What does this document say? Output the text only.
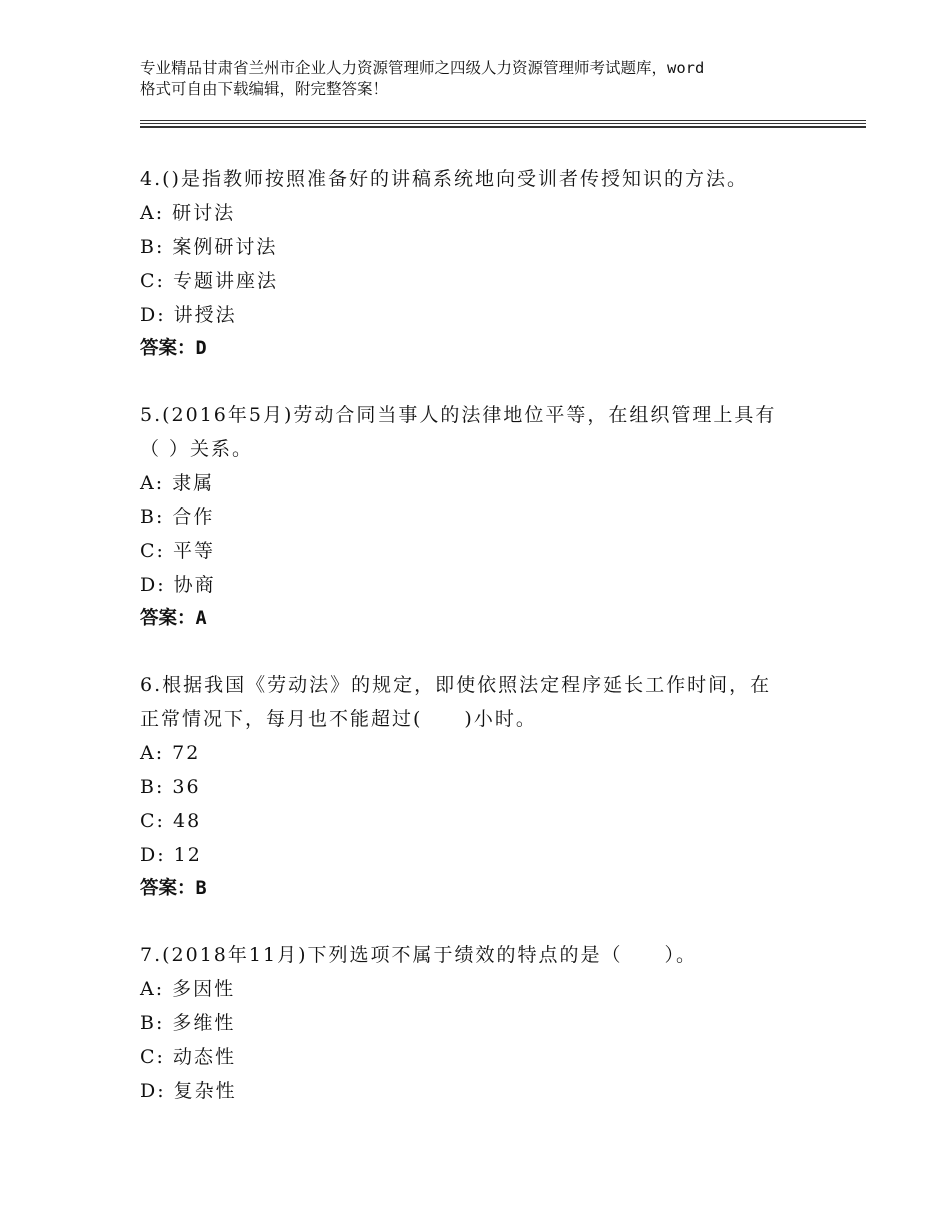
专业精品甘肃省兰州市企业人力资源管理师之四级人力资源管理师考试题库，word
格式可自由下载编辑，附完整答案！
4.()是指教师按照准备好的讲稿系统地向受训者传授知识的方法。
A: 研讨法
B: 案例研讨法
C: 专题讲座法
D: 讲授法
答案：D
5.(2016年5月)劳动合同当事人的法律地位平等，在组织管理上具有
（ ）关系。
A: 隶属
B: 合作
C: 平等
D: 协商
答案：A
6.根据我国《劳动法》的规定，即使依照法定程序延长工作时间，在
正常情况下，每月也不能超过(　　)小时。
A: 72
B: 36
C: 48
D: 12
答案：B
7.(2018年11月)下列选项不属于绩效的特点的是（　　）。
A: 多因性
B: 多维性
C: 动态性
D: 复杂性
